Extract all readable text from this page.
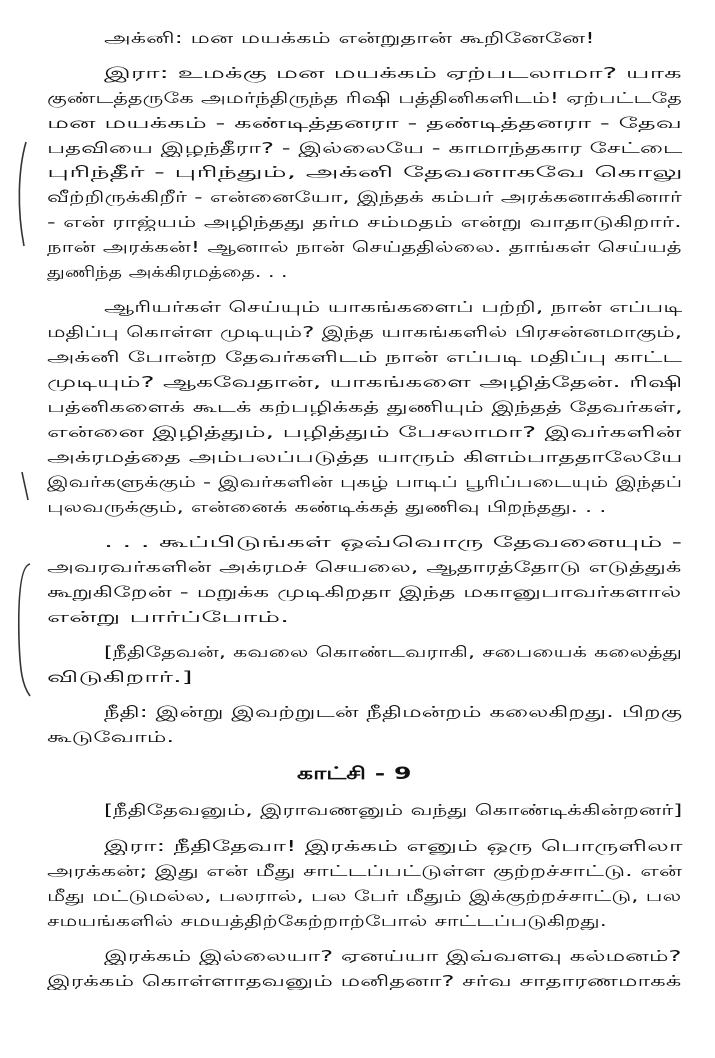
அக்னி: மன மயக்கம் என்றுதான் கூறினேனே!
இரா: உமக்கு மன மயக்கம் ஏற்படலாமா? யாக
குண்டத்தருகே அமர்ந்திருந்த ரிஷி பத்தினிகளிடம்! ஏற்பட்டதே
மன மயக்கம் - கண்டித்தனரா - தண்டித்தனரா - தேவ
பதவியை இழந்தீரா? - இல்லையே - காமாந்தகார சேட்டை
புரிந்தீர் - புரிந்தும், அக்னி தேவனாகவே கொலு
வீற்றிருக்கிறீர் - என்னையோ, இந்தக் கம்பர் அரக்கனாக்கினார்
- என் ராஜ்யம் அழிந்தது தர்ம சம்மதம் என்று வாதாடுகிறார்.
நான் அரக்கன்! ஆனால் நான் செய்ததில்லை. தாங்கள் செய்யத்
துணிந்த அக்கிரமத்தை. . .
ஆரியர்கள் செய்யும் யாகங்களைப் பற்றி, நான் எப்படி
மதிப்பு கொள்ள முடியும்? இந்த யாகங்களில் பிரசன்னமாகும்,
அக்னி போன்ற தேவர்களிடம் நான் எப்படி மதிப்பு காட்ட
முடியும்? ஆகவேதான், யாகங்களை அழித்தேன். ரிஷி
பத்னிகளைக் கூடக் கற்பழிக்கத் துணியும் இந்தத் தேவர்கள்,
என்னை இழித்தும், பழித்தும் பேசலாமா? இவர்களின்
அக்ரமத்தை அம்பலப்படுத்த யாரும் கிளம்பாததாலேயே
இவர்களுக்கும் - இவர்களின் புகழ் பாடிப் பூரிப்படையும் இந்தப்
புலவருக்கும், என்னைக் கண்டிக்கத் துணிவு பிறந்தது. . .
. . . கூப்பிடுங்கள் ஒவ்வொரு தேவனையும் -
அவரவர்களின் அக்ரமச் செயலை, ஆதாரத்தோடு எடுத்துக்
கூறுகிறேன் - மறுக்க முடிகிறதா இந்த மகானுபாவர்களால்
என்று பார்ப்போம்.
[நீதிதேவன், கவலை கொண்டவராகி, சபையைக் கலைத்து
விடுகிறார்.]
நீதி: இன்று இவற்றுடன் நீதிமன்றம் கலைகிறது. பிறகு
கூடுவோம்.
காட்சி - 9
[நீதிதேவனும், இராவணனும் வந்து கொண்டிக்கின்றனர்]
இரா: நீதிதேவா! இரக்கம் எனும் ஒரு பொருளிலா
அரக்கன்; இது என் மீது சாட்டப்பட்டுள்ள குற்றச்சாட்டு. என்
மீது மட்டுமல்ல, பலரால், பல பேர் மீதும் இக்குற்றச்சாட்டு, பல
சமயங்களில் சமயத்திற்கேற்றாற்போல் சாட்டப்படுகிறது.
இரக்கம் இல்லையா? ஏனய்யா இவ்வளவு கல்மனம்?
இரக்கம் கொள்ளாதவனும் மனிதனா? சர்வ சாதாரணமாகக்
